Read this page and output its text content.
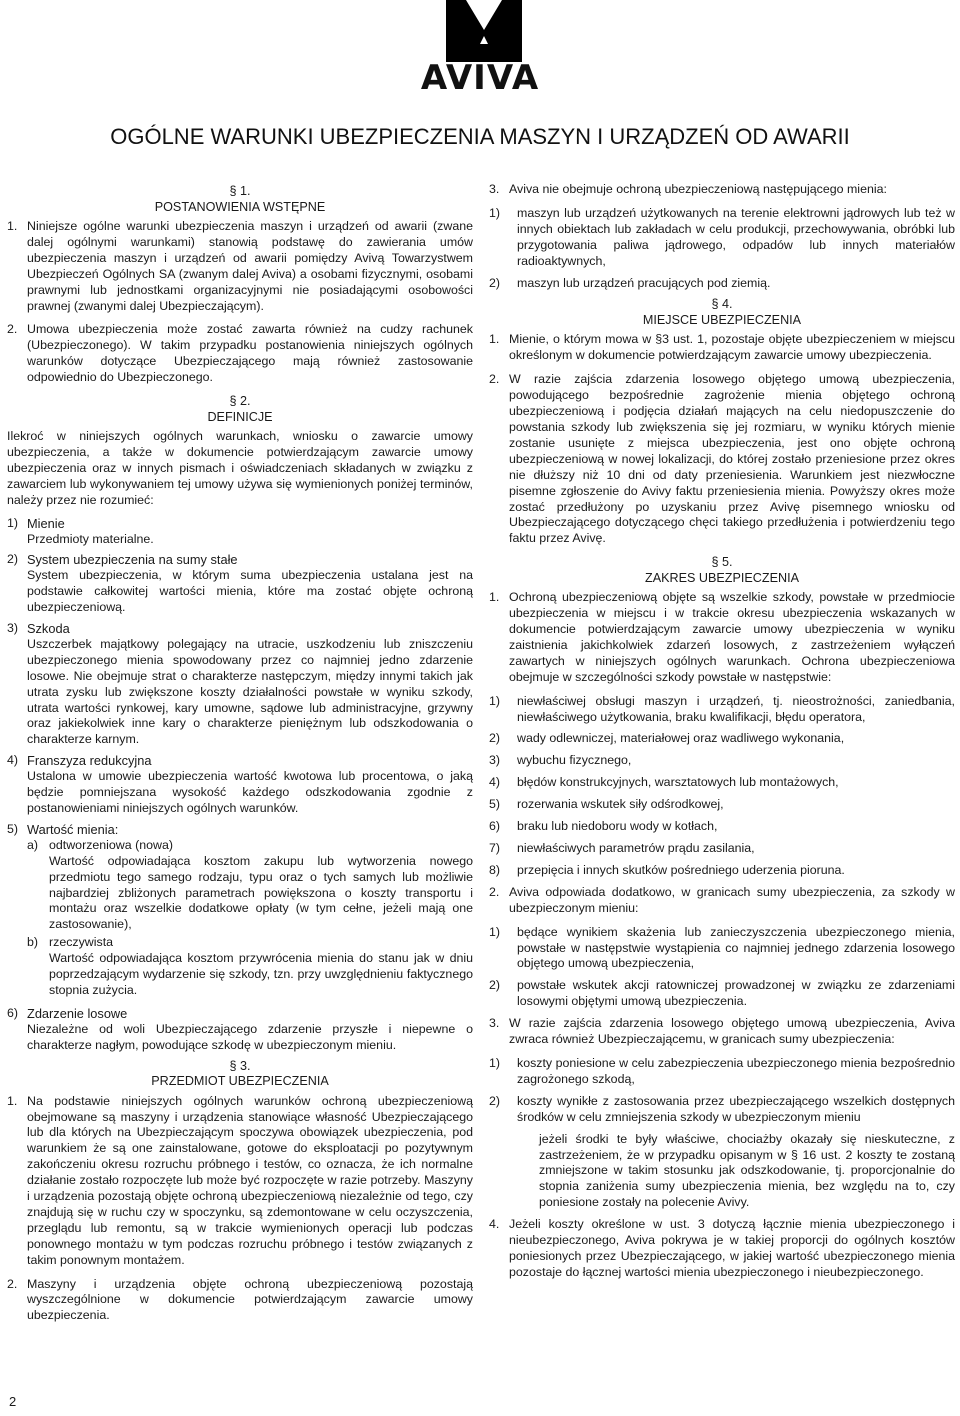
AVIVA
OGÓLNE WARUNKI UBEZPIECZENIA MASZYN I URZĄDZEŃ OD AWARII
§ 1.
POSTANOWIENIA WSTĘPNE
1. Niniejsze ogólne warunki ubezpieczenia maszyn i urządzeń od awarii (zwane dalej ogólnymi warunkami) stanowią podstawę do zawierania umów ubezpieczenia maszyn i urządzeń od awarii pomiędzy Avivą Towarzystwem Ubezpieczeń Ogólnych SA (zwanym dalej Aviva) a osobami fizycznymi, osobami prawnymi lub jednostkami organizacyjnymi nie posiadającymi osobowości prawnej (zwanymi dalej Ubezpieczającym).
2. Umowa ubezpieczenia może zostać zawarta również na cudzy rachunek (Ubezpieczonego). W takim przypadku postanowienia niniejszych ogólnych warunków dotyczące Ubezpieczającego mają również zastosowanie odpowiednio do Ubezpieczonego.
§ 2.
DEFINICJE
Ilekroć w niniejszych ogólnych warunkach, wniosku o zawarcie umowy ubezpieczenia, a także w dokumencie potwierdzającym zawarcie umowy ubezpieczenia oraz w innych pismach i oświadczeniach składanych w związku z zawarciem lub wykonywaniem tej umowy używa się wymienionych poniżej terminów, należy przez nie rozumieć:
1) Mienie
Przedmioty materialne.
2) System ubezpieczenia na sumy stałe
System ubezpieczenia, w którym suma ubezpieczenia ustalana jest na podstawie całkowitej wartości mienia, które ma zostać objęte ochroną ubezpieczeniową.
3) Szkoda
Uszczerbek majątkowy polegający na utracie, uszkodzeniu lub zniszczeniu ubezpieczonego mienia spowodowany przez co najmniej jedno zdarzenie losowe. Nie obejmuje strat o charakterze następczym, między innymi takich jak utrata zysku lub zwiększone koszty działalności powstałe w wyniku szkody, utrata wartości rynkowej, kary umowne, sądowe lub administracyjne, grzywny oraz jakiekolwiek inne kary o charakterze pieniężnym lub odszkodowania o charakterze karnym.
4) Franszyza redukcyjna
Ustalona w umowie ubezpieczenia wartość kwotowa lub procentowa, o jaką będzie pomniejszana wysokość każdego odszkodowania zgodnie z postanowieniami niniejszych ogólnych warunków.
5) Wartość mienia:
a) odtworzeniowa (nowa)
Wartość odpowiadająca kosztom zakupu lub wytworzenia nowego przedmiotu tego samego rodzaju, typu oraz o tych samych lub możliwie najbardziej zbliżonych parametrach powiększona o koszty transportu i montażu oraz wszelkie dodatkowe opłaty (w tym cełne, jeżeli mają one zastosowanie),
b) rzeczywista
Wartość odpowiadająca kosztom przywrócenia mienia do stanu jak w dniu poprzedzającym wydarzenie się szkody, tzn. przy uwzględnieniu faktycznego stopnia zużycia.
6) Zdarzenie losowe
Niezależne od woli Ubezpieczającego zdarzenie przyszłe i niepewne o charakterze nagłym, powodujące szkodę w ubezpieczonym mieniu.
§ 3.
PRZEDMIOT UBEZPIECZENIA
1. Na podstawie niniejszych ogólnych warunków ochroną ubezpieczeniową obejmowane są maszyny i urządzenia stanowiące własność Ubezpieczającego lub dla których na Ubezpieczającym spoczywa obowiązek ubezpieczenia, pod warunkiem że są one zainstalowane, gotowe do eksploatacji po pozytywnym zakończeniu okresu rozruchu próbnego i testów, co oznacza, że ich normalne działanie zostało rozpoczęte lub może być rozpoczęte w razie potrzeby. Maszyny i urządzenia pozostają objęte ochroną ubezpieczeniową niezależnie od tego, czy znajdują się w ruchu czy w spoczynku, są zdemontowane w celu oczyszczenia, przeglądu lub remontu, są w trakcie wymienionych operacji lub podczas ponownego montażu w tym podczas rozruchu próbnego i testów związanych z takim ponownym montażem.
2. Maszyny i urządzenia objęte ochroną ubezpieczeniową pozostają wyszczególnione w dokumencie potwierdzającym zawarcie umowy ubezpieczenia.
3. Aviva nie obejmuje ochroną ubezpieczeniową następującego mienia:
1)	maszyn lub urządzeń użytkowanych na terenie elektrowni jądrowych lub też w innych obiektach lub zakładach w celu produkcji, przechowywania, obróbki lub przygotowania paliwa jądrowego, odpadów lub innych materiałów radioaktywnych,
2)	maszyn lub urządzeń pracujących pod ziemią.
§ 4.
MIEJSCE UBEZPIECZENIA
1. Mienie, o którym mowa w §3 ust. 1, pozostaje objęte ubezpieczeniem w miejscu określonym w dokumencie potwierdzającym zawarcie umowy ubezpieczenia.
2. W razie zajścia zdarzenia losowego objętego umową ubezpieczenia, powodującego bezpośrednie zagrożenie mienia objętego ochroną ubezpieczeniową i podjęcia działań mających na celu niedopuszczenie do powstania szkody lub zwiększenia się jej rozmiaru, w wyniku których mienie zostanie usunięte z miejsca ubezpieczenia, jest ono objęte ochroną ubezpieczeniową w nowej lokalizacji, do której zostało przeniesione przez okres nie dłuższy niż 10 dni od daty przeniesienia. Warunkiem jest niezwłoczne pisemne zgłoszenie do Avivy faktu przeniesienia mienia. Powyższy okres może zostać przedłużony po uzyskaniu przez Avivę pisemnego wniosku od Ubezpieczającego dotyczącego chęci takiego przedłużenia i potwierdzeniu tego faktu przez Avivę.
§ 5.
ZAKRES UBEZPIECZENIA
1. Ochroną ubezpieczeniową objęte są wszelkie szkody, powstałe w przedmiocie ubezpieczenia w miejscu i w trakcie okresu ubezpieczenia wskazanych w dokumencie potwierdzającym zawarcie umowy ubezpieczenia w wyniku zaistnienia jakichkolwiek zdarzeń losowych, z zastrzeżeniem wyłączeń zawartych w niniejszych ogólnych warunkach. Ochrona ubezpieczeniowa obejmuje w szczególności szkody powstałe w następstwie:
1)	niewłaściwej obsługi maszyn i urządzeń, tj. nieostrożności, zaniedbania, niewłaściwego użytkowania, braku kwalifikacji, błędu operatora,
2)	wady odlewniczej, materiałowej oraz wadliwego wykonania,
3)	wybuchu fizycznego,
4)	błędów konstrukcyjnych, warsztatowych lub montażowych,
5)	rozerwania wskutek siły odśrodkowej,
6)	braku lub niedoboru wody w kotłach,
7)	niewłaściwych parametrów prądu zasilania,
8)	przepięcia i innych skutków pośredniego uderzenia pioruna.
2. Aviva odpowiada dodatkowo, w granicach sumy ubezpieczenia, za szkody w ubezpieczonym mieniu:
1)	będące wynikiem skażenia lub zanieczyszczenia ubezpieczonego mienia, powstałe w następstwie wystąpienia co najmniej jednego zdarzenia losowego objętego umową ubezpieczenia,
2)	powstałe wskutek akcji ratowniczej prowadzonej w związku ze zdarzeniami losowymi objętymi umową ubezpieczenia.
3. W razie zajścia zdarzenia losowego objętego umową ubezpieczenia, Aviva zwraca również Ubezpieczającemu, w granicach sumy ubezpieczenia:
1)	koszty poniesione w celu zabezpieczenia ubezpieczonego mienia bezpośrednio zagrożonego szkodą,
2)	koszty wynikłe z zastosowania przez ubezpieczającego wszelkich dostępnych środków w celu zmniejszenia szkody w ubezpieczonym mieniu
jeżeli środki te były właściwe, chociażby okazały się nieskuteczne, z zastrzeżeniem, że w przypadku opisanym w § 16 ust. 2 koszty te zostaną zmniejszone w takim stosunku jak odszkodowanie, tj. proporcjonalnie do stopnia zaniżenia sumy ubezpieczenia mienia, bez względu na to, czy poniesione zostały na polecenie Avivy.
4. Jeżeli koszty określone w ust. 3 dotyczą łącznie mienia ubezpieczonego i nieubezpieczonego, Aviva pokrywa je w takiej proporcji do ogólnych kosztów poniesionych przez Ubezpieczającego, w jakiej wartość ubezpieczonego mienia pozostaje do łącznej wartości mienia ubezpieczonego i nieubezpieczonego.
2
